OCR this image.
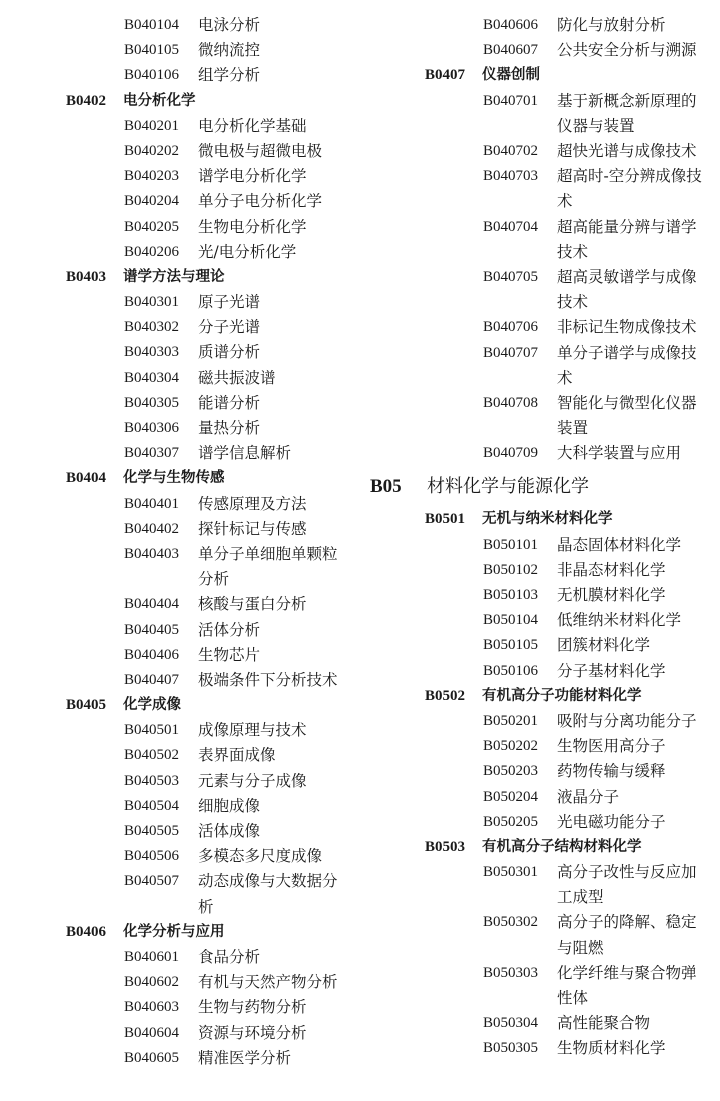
B040104 电泳分析
B040105 微纳流控
B040106 组学分析
B0402 电分析化学
B040201 电分析化学基础
B040202 微电极与超微电极
B040203 谱学电分析化学
B040204 单分子电分析化学
B040205 生物电分析化学
B040206 光/电分析化学
B0403 谱学方法与理论
B040301 原子光谱
B040302 分子光谱
B040303 质谱分析
B040304 磁共振波谱
B040305 能谱分析
B040306 量热分析
B040307 谱学信息解析
B0404 化学与生物传感
B040401 传感原理及方法
B040402 探针标记与传感
B040403 单分子单细胞单颗粒分析
B040404 核酸与蛋白分析
B040405 活体分析
B040406 生物芯片
B040407 极端条件下分析技术
B0405 化学成像
B040501 成像原理与技术
B040502 表界面成像
B040503 元素与分子成像
B040504 细胞成像
B040505 活体成像
B040506 多模态多尺度成像
B040507 动态成像与大数据分析
B0406 化学分析与应用
B040601 食品分析
B040602 有机与天然产物分析
B040603 生物与药物分析
B040604 资源与环境分析
B040605 精准医学分析
B040606 防化与放射分析
B040607 公共安全分析与溯源
B0407 仪器创制
B040701 基于新概念新原理的仪器与装置
B040702 超快光谱与成像技术
B040703 超高时-空分辨成像技术
B040704 超高能量分辨与谱学技术
B040705 超高灵敏谱学与成像技术
B040706 非标记生物成像技术
B040707 单分子谱学与成像技术
B040708 智能化与微型化仪器装置
B040709 大科学装置与应用
B05 材料化学与能源化学
B0501 无机与纳米材料化学
B050101 晶态固体材料化学
B050102 非晶态材料化学
B050103 无机膜材料化学
B050104 低维纳米材料化学
B050105 团簇材料化学
B050106 分子基材料化学
B0502 有机高分子功能材料化学
B050201 吸附与分离功能分子
B050202 生物医用高分子
B050203 药物传输与缓释
B050204 液晶分子
B050205 光电磁功能分子
B0503 有机高分子结构材料化学
B050301 高分子改性与反应加工成型
B050302 高分子的降解、稳定与阻燃
B050303 化学纤维与聚合物弹性体
B050304 高性能聚合物
B050305 生物质材料化学
